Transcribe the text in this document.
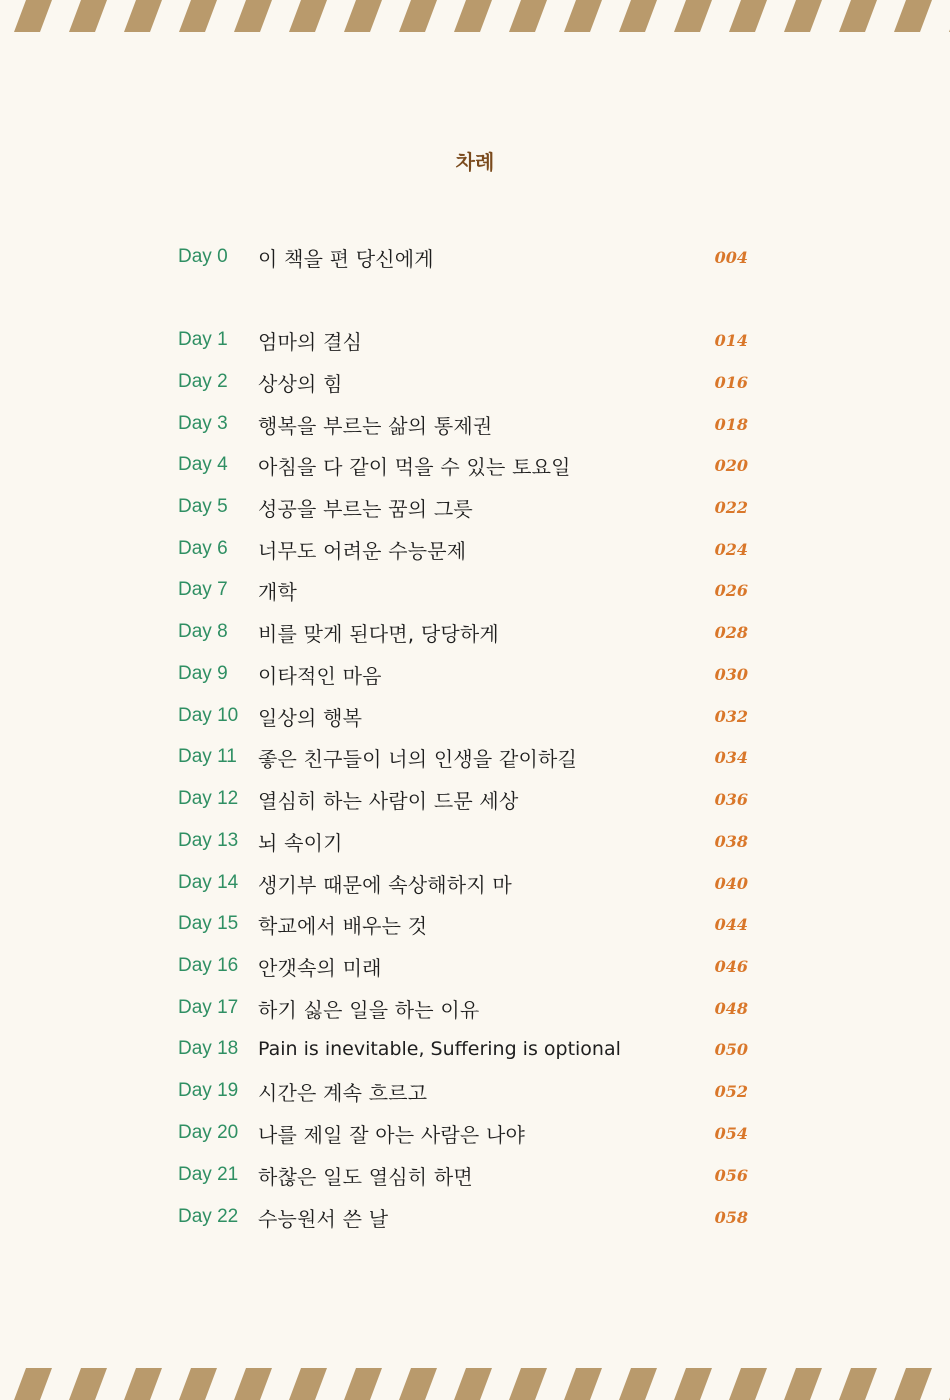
차례
Day 0	이 책을 편 당신에게	004
Day 1	엄마의 결심	014
Day 2	상상의 힘	016
Day 3	행복을 부르는 삶의 통제권	018
Day 4	아침을 다 같이 먹을 수 있는 토요일	020
Day 5	성공을 부르는 꿈의 그릇	022
Day 6	너무도 어려운 수능문제	024
Day 7	개학	026
Day 8	비를 맞게 된다면, 당당하게	028
Day 9	이타적인 마음	030
Day 10 일상의 행복	032
Day 11	좋은 친구들이 너의 인생을 같이하길	034
Day 12 열심히 하는 사람이 드문 세상	036
Day 13 뇌 속이기	038
Day 14 생기부 때문에 속상해하지 마	040
Day 15 학교에서 배우는 것	044
Day 16 안갯속의 미래	046
Day 17 하기 싫은 일을 하는 이유	048
Day 18	Pain is inevitable, Suffering is optional	050
Day 19 시간은 계속 흐르고	052
Day 20 나를 제일 잘 아는 사람은 나야	054
Day 21 하찮은 일도 열심히 하면	056
Day 22 수능원서 쓴 날	058
